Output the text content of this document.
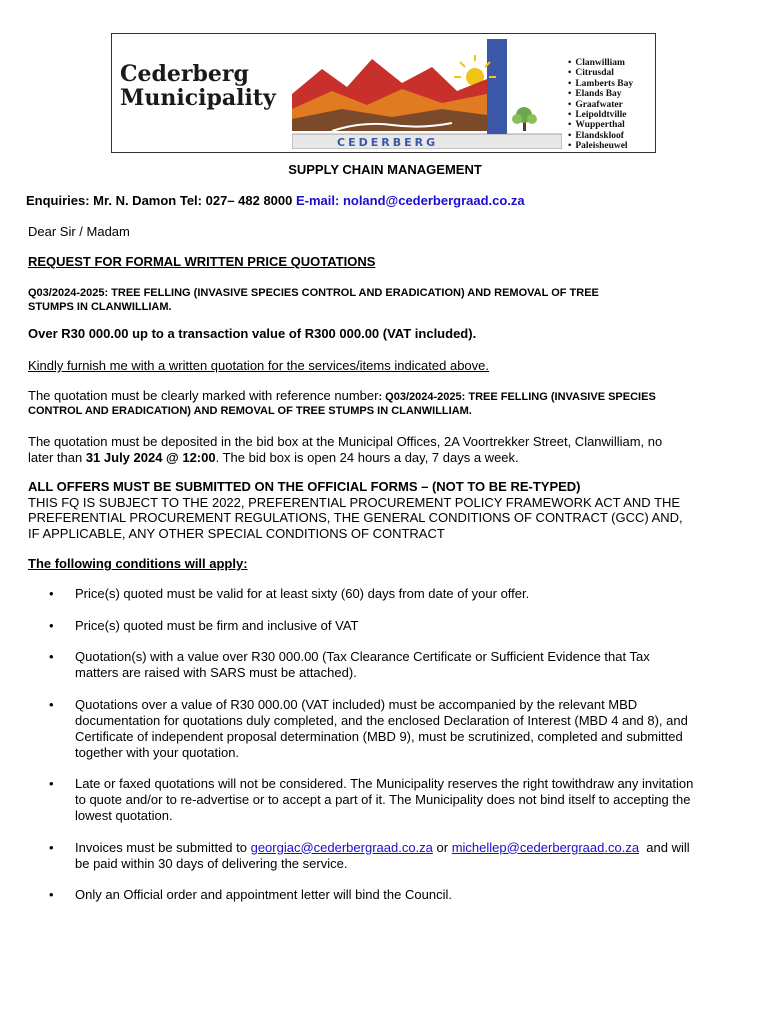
Cederberg
Municipality
CEDERBERG
• Clanwilliam
• Citrusdal
• Lamberts Bay
• Elands Bay
• Graafwater
• Leipoldtville
• Wupperthal
• Elandskloof
• Paleisheuwel
SUPPLY CHAIN MANAGEMENT
Enquiries: Mr. N. Damon Tel: 027– 482 8000 E-mail: noland@cederbergraad.co.za
Dear Sir / Madam
REQUEST FOR FORMAL WRITTEN PRICE QUOTATIONS
Q03/2024-2025: TREE FELLING (INVASIVE SPECIES CONTROL AND ERADICATION) AND REMOVAL OF TREE
STUMPS IN CLANWILLIAM.
Over R30 000.00 up to a transaction value of R300 000.00 (VAT included).
Kindly furnish me with a written quotation for the services/items indicated above.
The quotation must be clearly marked with reference number: Q03/2024-2025: TREE FELLING (INVASIVE SPECIES
CONTROL AND ERADICATION) AND REMOVAL OF TREE STUMPS IN CLANWILLIAM.
The quotation must be deposited in the bid box at the Municipal Offices, 2A Voortrekker Street, Clanwilliam, no
later than 31 July 2024 @ 12:00. The bid box is open 24 hours a day, 7 days a week.
ALL OFFERS MUST BE SUBMITTED ON THE OFFICIAL FORMS – (NOT TO BE RE-TYPED)
THIS FQ IS SUBJECT TO THE 2022, PREFERENTIAL PROCUREMENT POLICY FRAMEWORK ACT AND THE
PREFERENTIAL PROCUREMENT REGULATIONS, THE GENERAL CONDITIONS OF CONTRACT (GCC) AND,
IF APPLICABLE, ANY OTHER SPECIAL CONDITIONS OF CONTRACT
The following conditions will apply:
• Price(s) quoted must be valid for at least sixty (60) days from date of your offer.
• Price(s) quoted must be firm and inclusive of VAT
• Quotation(s) with a value over R30 000.00 (Tax Clearance Certificate or Sufficient Evidence that Tax
matters are raised with SARS must be attached).
• Quotations over a value of R30 000.00 (VAT included) must be accompanied by the relevant MBD
documentation for quotations duly completed, and the enclosed Declaration of Interest (MBD 4 and 8), and
Certificate of independent proposal determination (MBD 9), must be scrutinized, completed and submitted
together with your quotation.
• Late or faxed quotations will not be considered. The Municipality reserves the right towithdraw any invitation
to quote and/or to re-advertise or to accept a part of it. The Municipality does not bind itself to accepting the
lowest quotation.
• Invoices must be submitted to georgiac@cederbergraad.co.za or michellep@cederbergraad.co.za  and will
be paid within 30 days of delivering the service.
• Only an Official order and appointment letter will bind the Council.
